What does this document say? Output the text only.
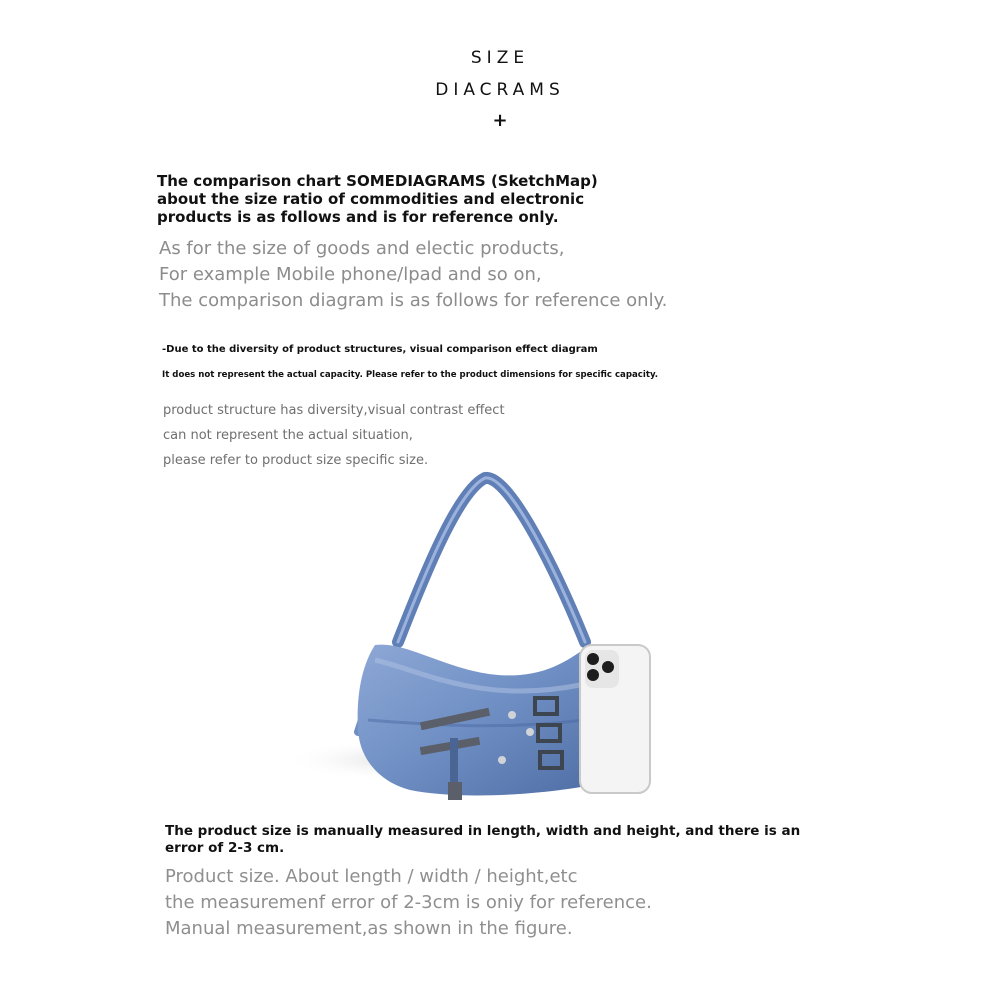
SIZE
DIACRAMS
+
The comparison chart SOMEDIAGRAMS (SketchMap)
about the size ratio of commodities and electronic
products is as follows and is for reference only.
As for the size of goods and electic products,
For example Mobile phone/lpad and so on,
The comparison diagram is as follows for reference only.
-Due to the diversity of product structures, visual comparison effect diagram
It does not represent the actual capacity. Please refer to the product dimensions for specific capacity.
product structure has diversity,visual contrast effect
can not represent the actual situation,
please refer to product size specific size.
The product size is manually measured in length, width and height, and there is an
error of 2-3 cm.
Product size. About length / width / height,etc
the measuremenf error of 2-3cm is oniy for reference.
Manual measurement,as shown in the figure.
